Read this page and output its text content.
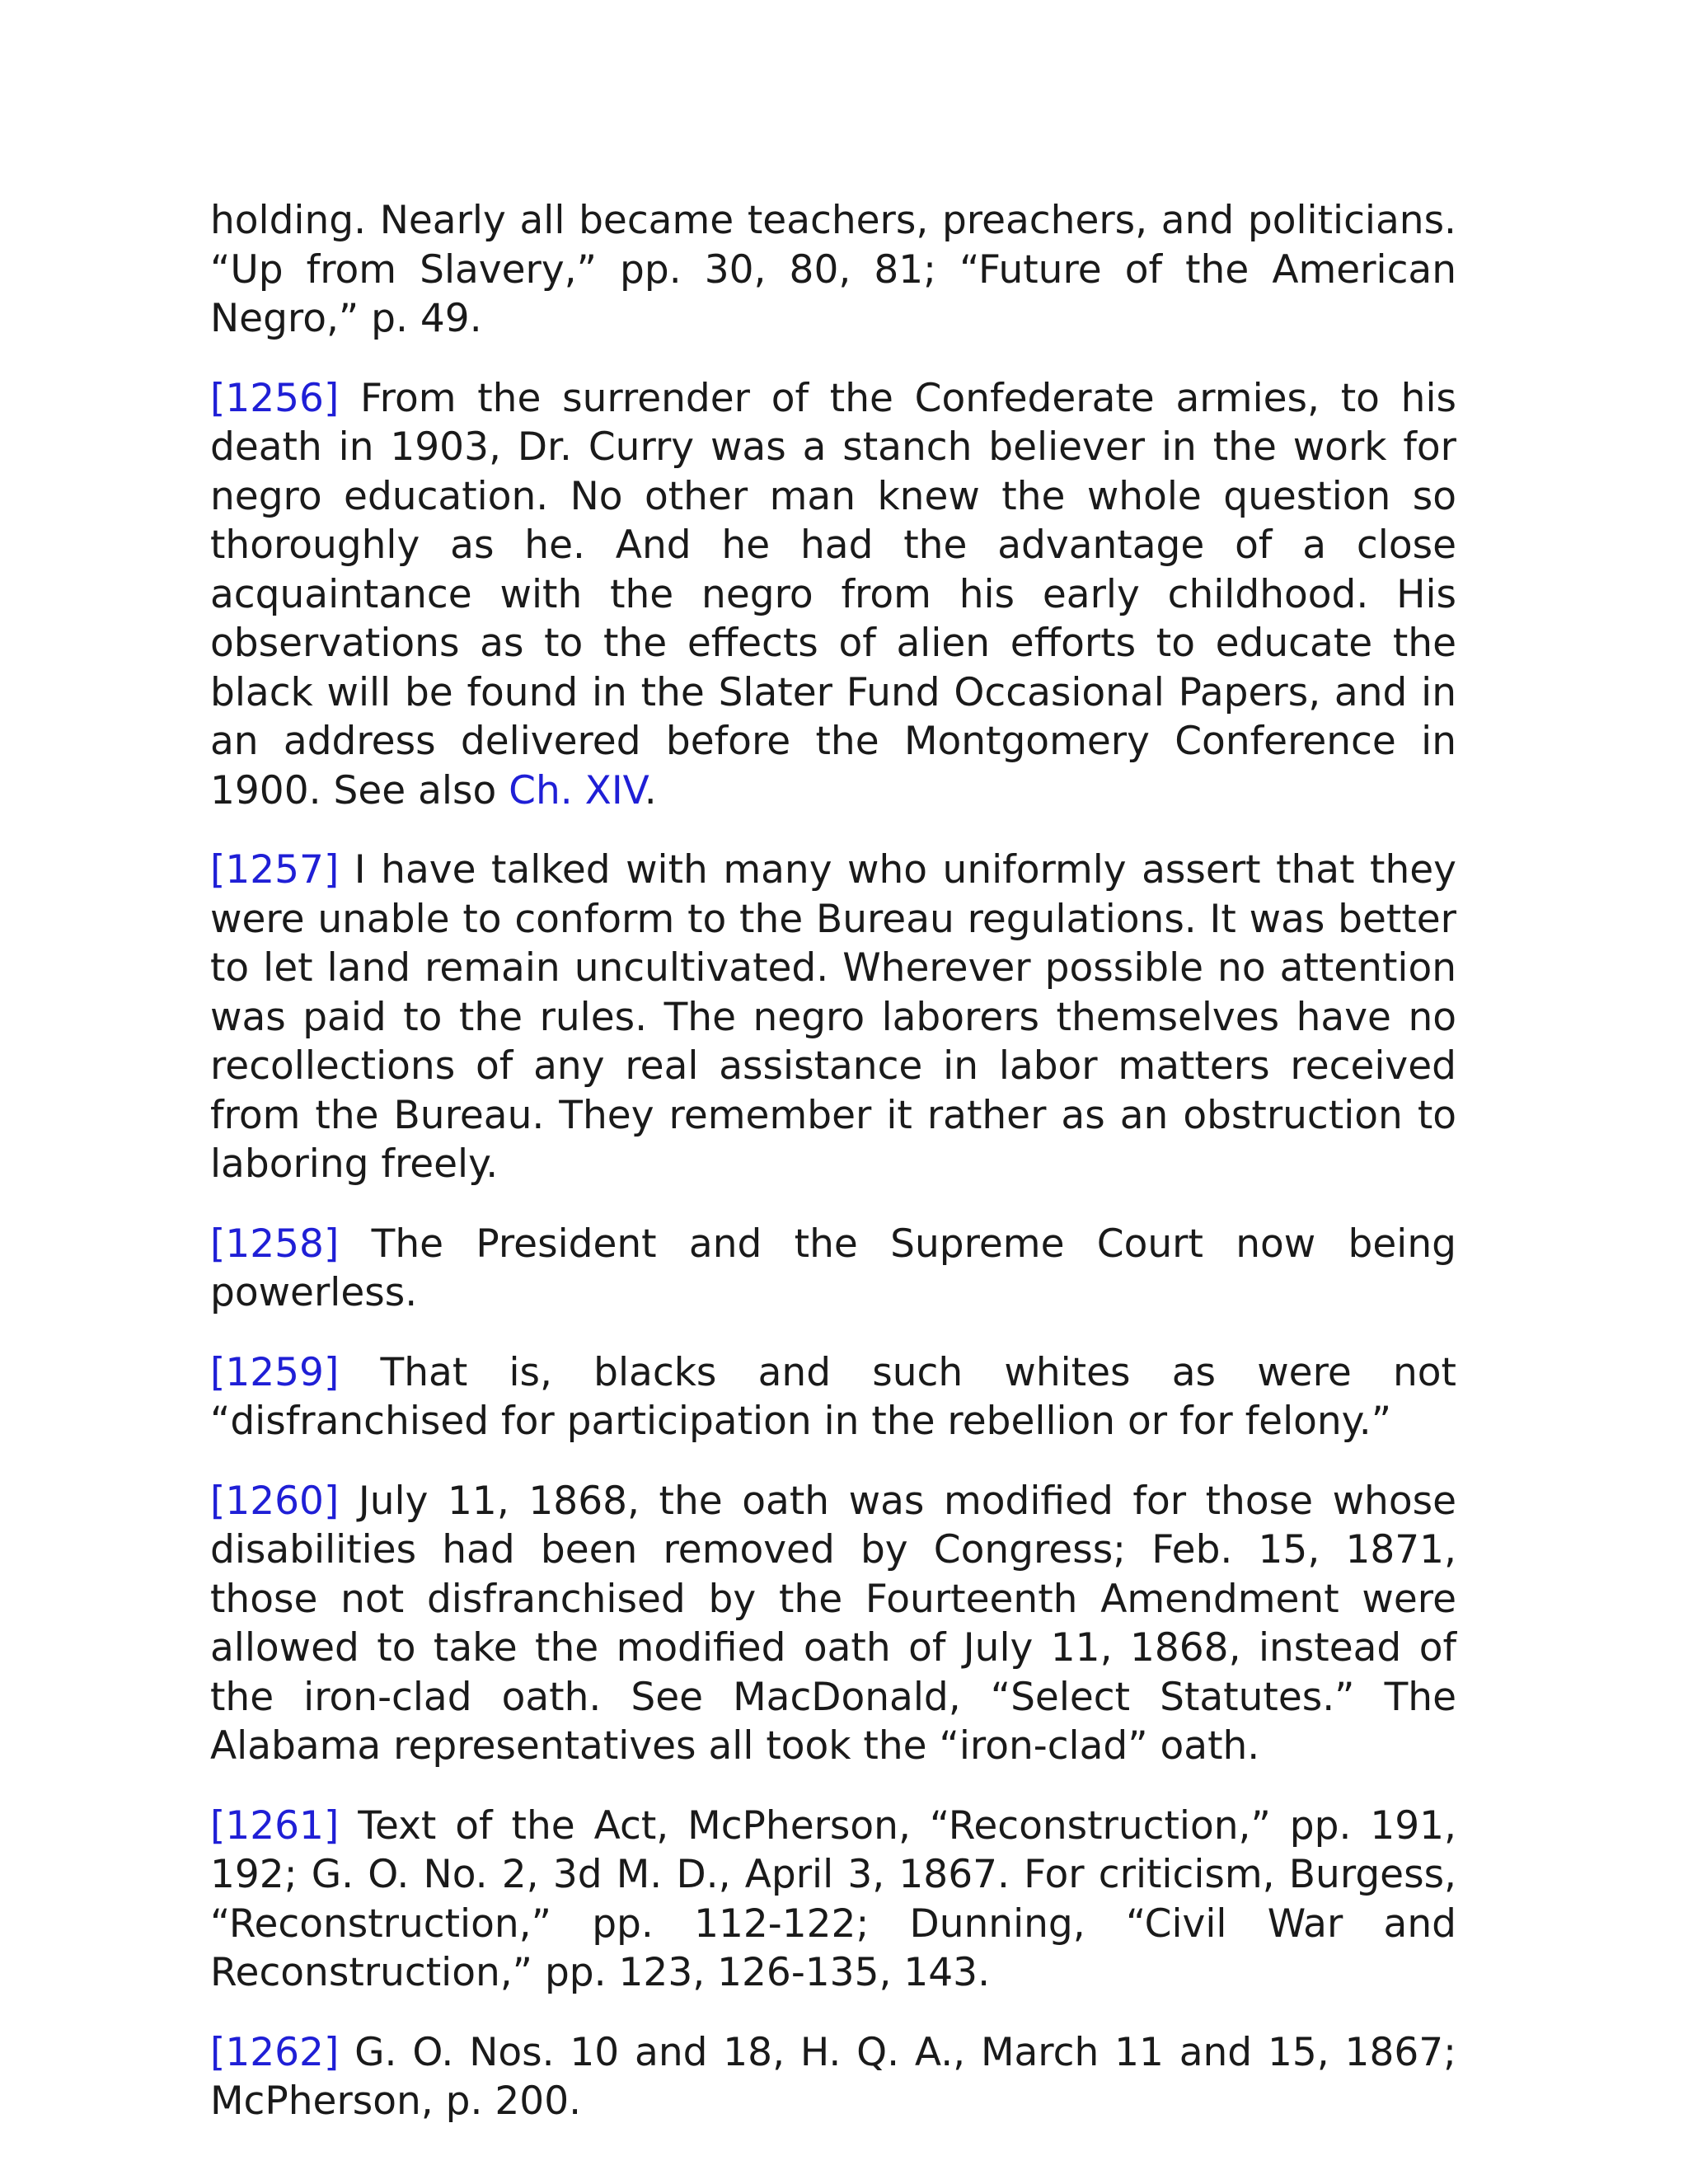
holding. Nearly all became teachers, preachers, and politicians. “Up from Slavery,” pp. 30, 80, 81; “Future of the American Negro,” p. 49.

[1256] From the surrender of the Confederate armies, to his death in 1903, Dr. Curry was a stanch believer in the work for negro education. No other man knew the whole question so thoroughly as he. And he had the advantage of a close acquaintance with the negro from his early childhood. His observations as to the effects of alien efforts to educate the black will be found in the Slater Fund Occasional Papers, and in an address delivered before the Montgomery Conference in 1900. See also Ch. XIV.

[1257] I have talked with many who uniformly assert that they were unable to conform to the Bureau regulations. It was better to let land remain uncultivated. Wherever possible no attention was paid to the rules. The negro laborers themselves have no recollections of any real assistance in labor matters received from the Bureau. They remember it rather as an obstruction to laboring freely.

[1258] The President and the Supreme Court now being powerless.

[1259] That is, blacks and such whites as were not “disfranchised for participation in the rebellion or for felony.”

[1260] July 11, 1868, the oath was modified for those whose disabilities had been removed by Congress; Feb. 15, 1871, those not disfranchised by the Fourteenth Amendment were allowed to take the modified oath of July 11, 1868, instead of the iron-clad oath. See MacDonald, “Select Statutes.” The Alabama representatives all took the “iron-clad” oath.

[1261] Text of the Act, McPherson, “Reconstruction,” pp. 191, 192; G. O. No. 2, 3d M. D., April 3, 1867. For criticism, Burgess, “Reconstruction,” pp. 112-122; Dunning, “Civil War and Reconstruction,” pp. 123, 126-135, 143.

[1262] G. O. Nos. 10 and 18, H. Q. A., March 11 and 15, 1867; McPherson, p. 200.
